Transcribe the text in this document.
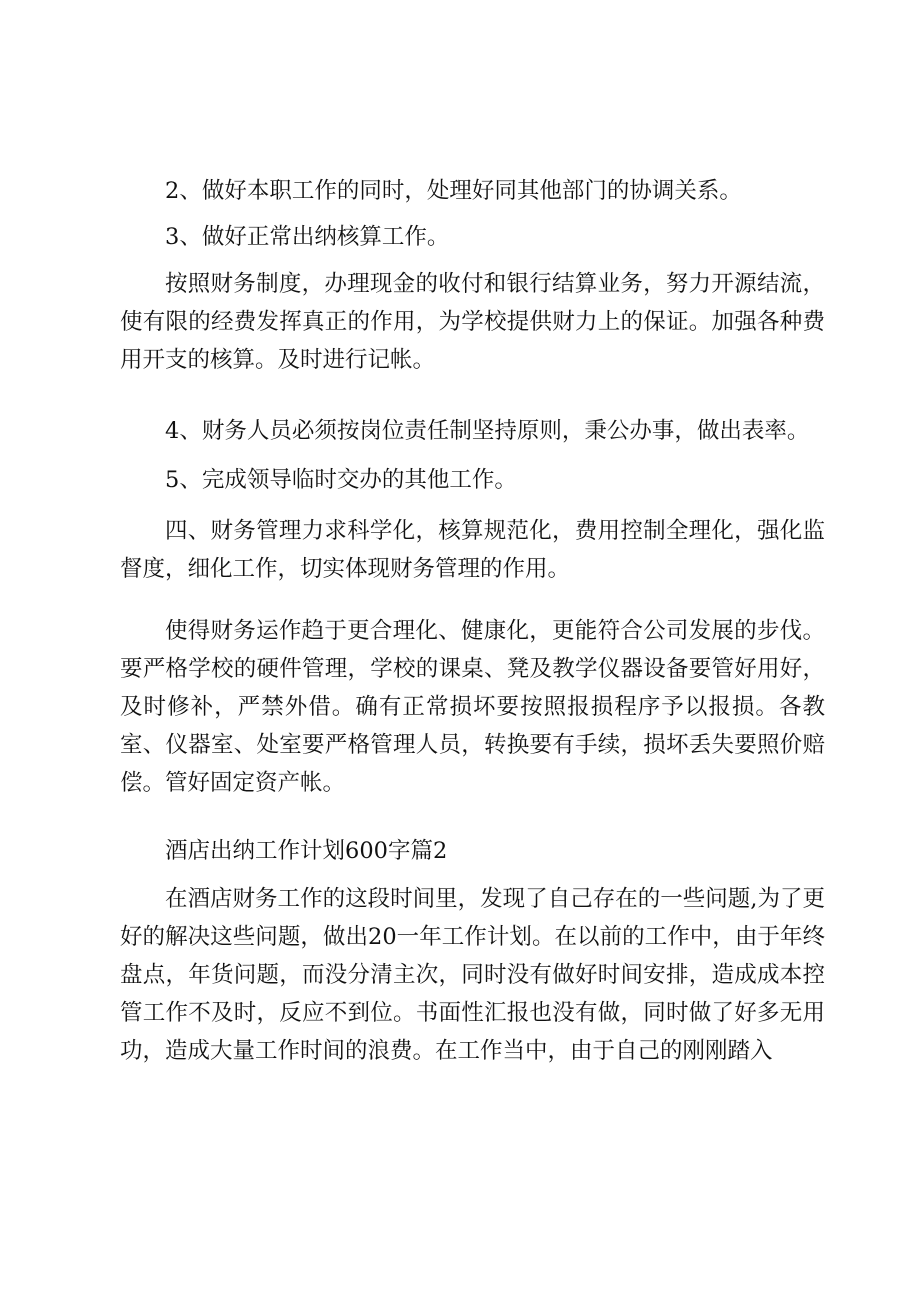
2、做好本职工作的同时，处理好同其他部门的协调关系。

3、做好正常出纳核算工作。

按照财务制度，办理现金的收付和银行结算业务，努力开源结流，使有限的经费发挥真正的作用，为学校提供财力上的保证。加强各种费用开支的核算。及时进行记帐。

4、财务人员必须按岗位责任制坚持原则，秉公办事，做出表率。

5、完成领导临时交办的其他工作。

四、财务管理力求科学化，核算规范化，费用控制全理化，强化监督度，细化工作，切实体现财务管理的作用。

使得财务运作趋于更合理化、健康化，更能符合公司发展的步伐。要严格学校的硬件管理，学校的课桌、凳及教学仪器设备要管好用好，及时修补，严禁外借。确有正常损坏要按照报损程序予以报损。各教室、仪器室、处室要严格管理人员，转换要有手续，损坏丢失要照价赔偿。管好固定资产帐。

酒店出纳工作计划600字篇2

在酒店财务工作的这段时间里，发现了自己存在的一些问题,为了更好的解决这些问题，做出20一年工作计划。在以前的工作中，由于年终盘点，年货问题，而没分清主次，同时没有做好时间安排，造成成本控管工作不及时，反应不到位。书面性汇报也没有做，同时做了好多无用功，造成大量工作时间的浪费。在工作当中，由于自己的刚刚踏入
